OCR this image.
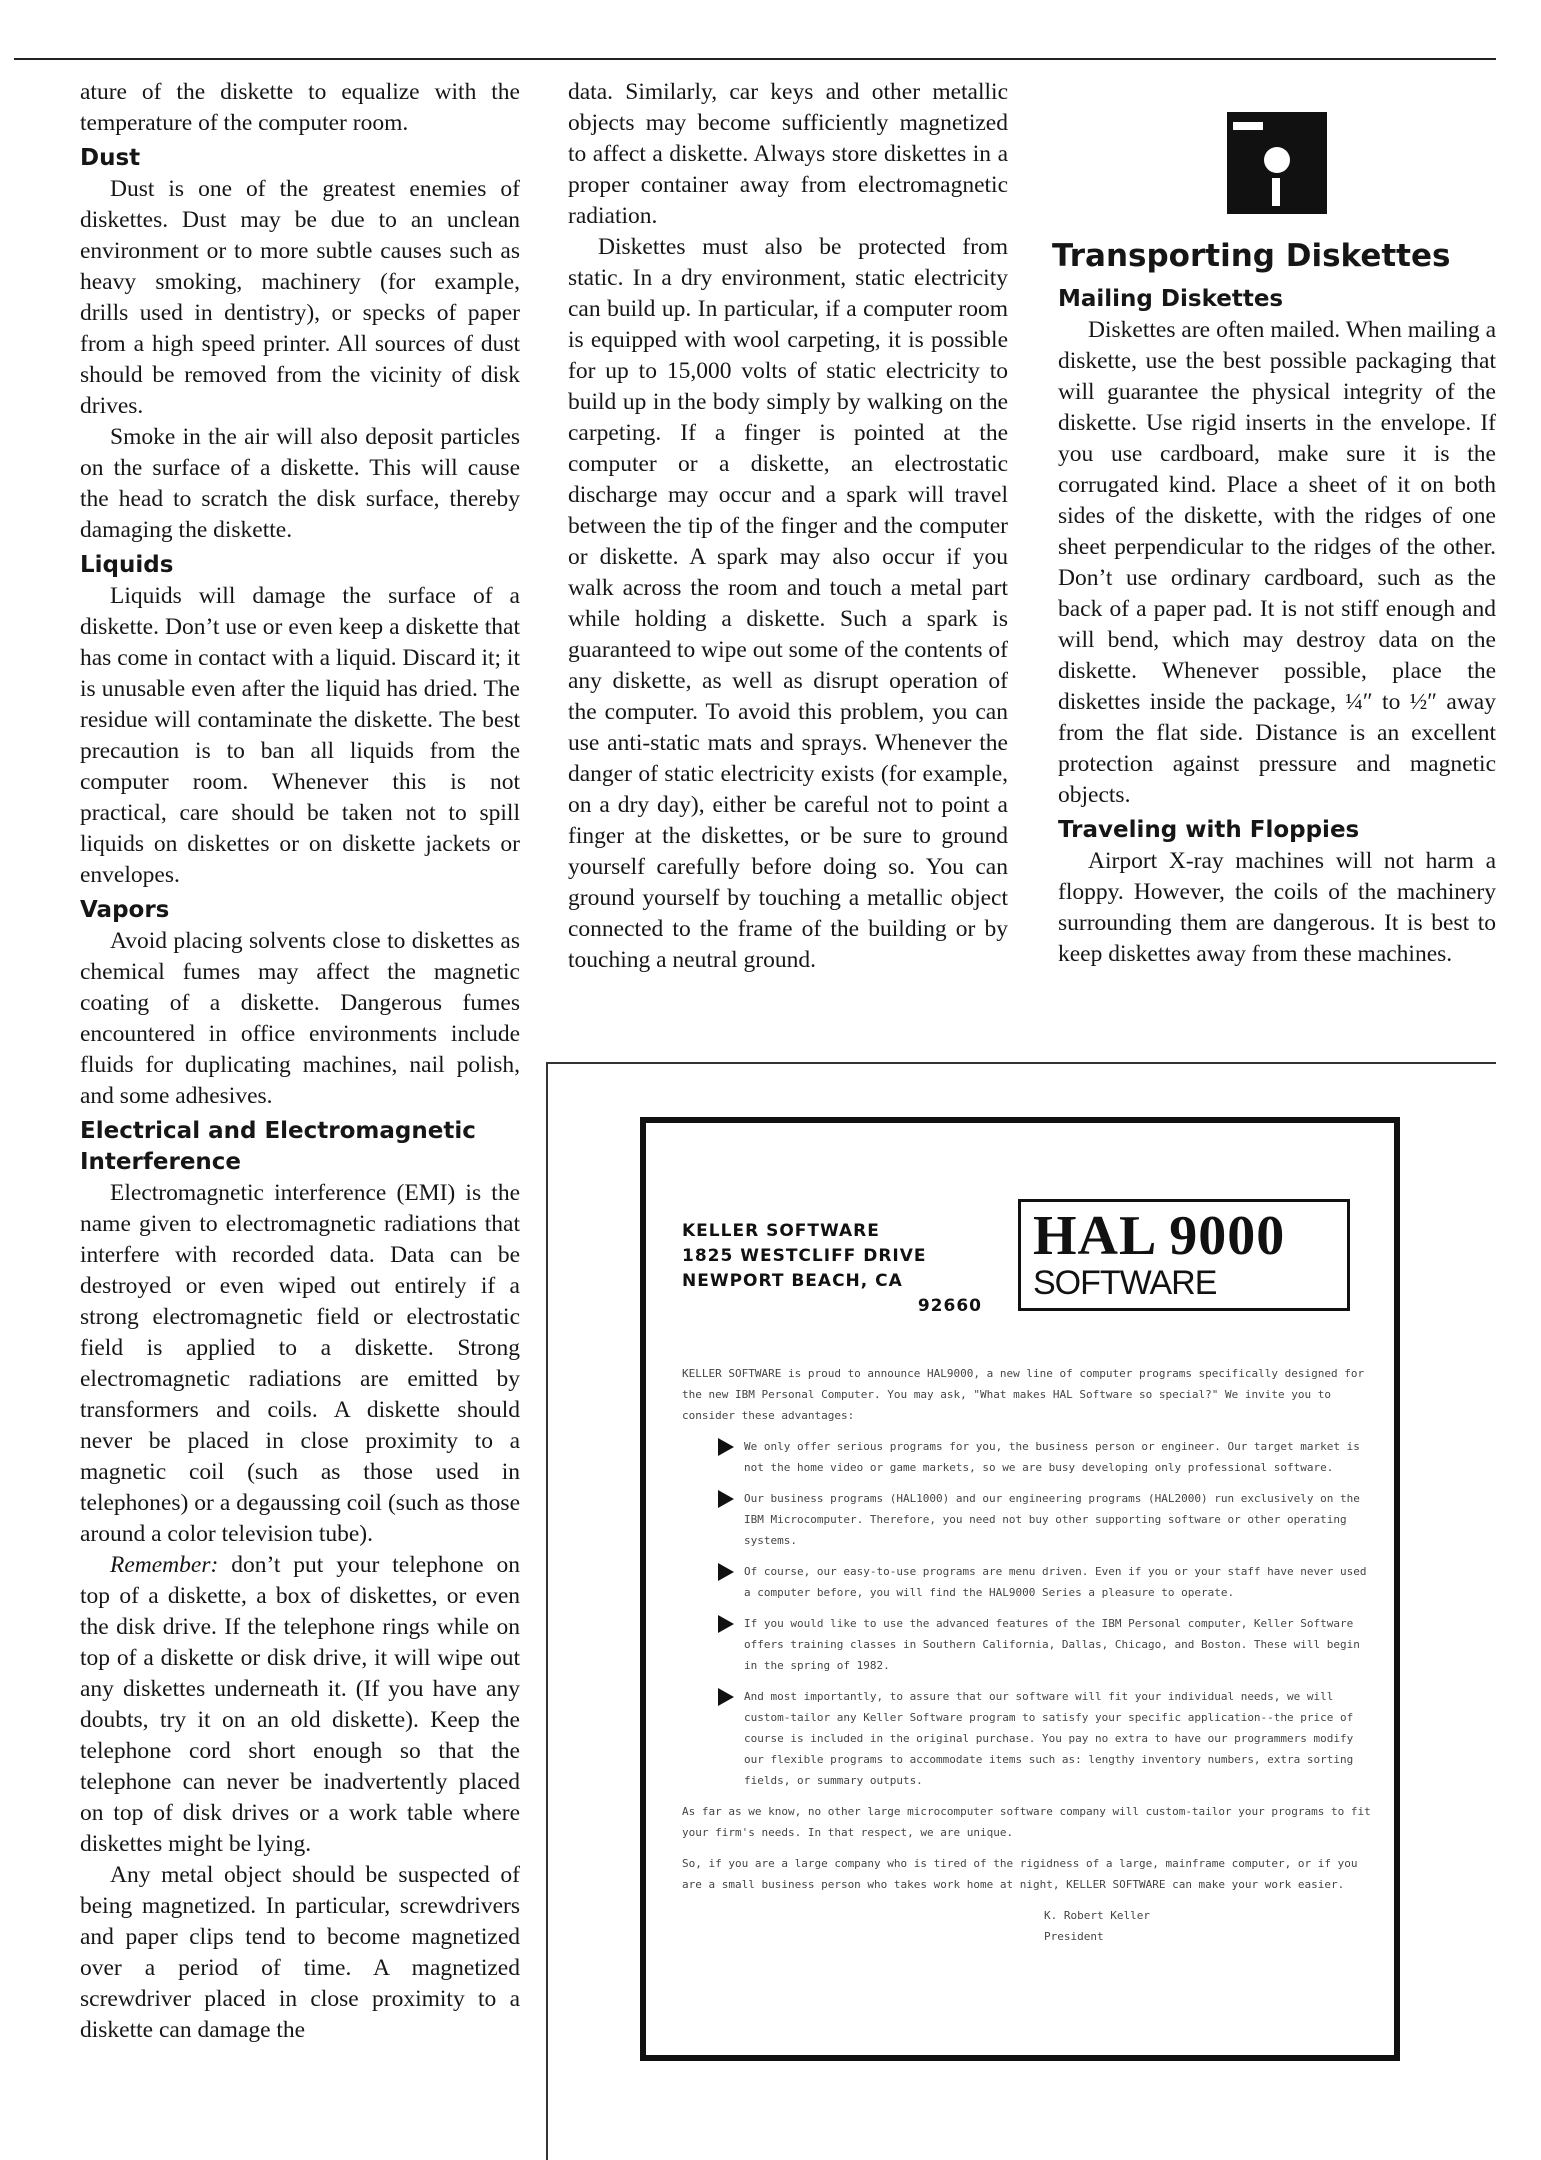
ature of the diskette to equalize with the temperature of the computer room.

Dust

Dust is one of the greatest enemies of diskettes. Dust may be due to an unclean environment or to more subtle causes such as heavy smoking, machinery (for example, drills used in dentistry), or specks of paper from a high speed printer. All sources of dust should be removed from the vicinity of disk drives.

Smoke in the air will also deposit particles on the surface of a diskette. This will cause the head to scratch the disk surface, thereby damaging the diskette.

Liquids

Liquids will damage the surface of a diskette. Don’t use or even keep a diskette that has come in contact with a liquid. Discard it; it is unusable even after the liquid has dried. The residue will contaminate the diskette. The best precaution is to ban all liquids from the computer room. Whenever this is not practical, care should be taken not to spill liquids on diskettes or on diskette jackets or envelopes.

Vapors

Avoid placing solvents close to diskettes as chemical fumes may affect the magnetic coating of a diskette. Dangerous fumes encountered in office environments include fluids for duplicating machines, nail polish, and some adhesives.

Electrical and Electromagnetic Interference

Electromagnetic interference (EMI) is the name given to electromagnetic radiations that interfere with recorded data. Data can be destroyed or even wiped out entirely if a strong electromagnetic field or electrostatic field is applied to a diskette. Strong electromagnetic radiations are emitted by transformers and coils. A diskette should never be placed in close proximity to a magnetic coil (such as those used in telephones) or a degaussing coil (such as those around a color television tube).

Remember: don’t put your telephone on top of a diskette, a box of diskettes, or even the disk drive. If the telephone rings while on top of a diskette or disk drive, it will wipe out any diskettes underneath it. (If you have any doubts, try it on an old diskette). Keep the telephone cord short enough so that the telephone can never be inadvertently placed on top of disk drives or a work table where diskettes might be lying.

Any metal object should be suspected of being magnetized. In particular, screwdrivers and paper clips tend to become magnetized over a period of time. A magnetized screwdriver placed in close proximity to a diskette can damage the

data. Similarly, car keys and other metallic objects may become sufficiently magnetized to affect a diskette. Always store diskettes in a proper container away from electromagnetic radiation.

Diskettes must also be protected from static. In a dry environment, static electricity can build up. In particular, if a computer room is equipped with wool carpeting, it is possible for up to 15,000 volts of static electricity to build up in the body simply by walking on the carpeting. If a finger is pointed at the computer or a diskette, an electrostatic discharge may occur and a spark will travel between the tip of the finger and the computer or diskette. A spark may also occur if you walk across the room and touch a metal part while holding a diskette. Such a spark is guaranteed to wipe out some of the contents of any diskette, as well as disrupt operation of the computer. To avoid this problem, you can use anti-static mats and sprays. Whenever the danger of static electricity exists (for example, on a dry day), either be careful not to point a finger at the diskettes, or be sure to ground yourself carefully before doing so. You can ground yourself by touching a metallic object connected to the frame of the building or by touching a neutral ground.

Transporting Diskettes
Mailing Diskettes

Diskettes are often mailed. When mailing a diskette, use the best possible packaging that will guarantee the physical integrity of the diskette. Use rigid inserts in the envelope. If you use cardboard, make sure it is the corrugated kind. Place a sheet of it on both sides of the diskette, with the ridges of one sheet perpendicular to the ridges of the other. Don’t use ordinary cardboard, such as the back of a paper pad. It is not stiff enough and will bend, which may destroy data on the diskette. Whenever possible, place the diskettes inside the package, ¼″ to ½″ away from the flat side. Distance is an excellent protection against pressure and magnetic objects.

Traveling with Floppies

Airport X-ray machines will not harm a floppy. However, the coils of the machinery surrounding them are dangerous. It is best to keep diskettes away from these machines.

KELLER SOFTWARE
1825 WESTCLIFF DRIVE
NEWPORT BEACH, CA
92660
HAL 9000
SOFTWARE

KELLER SOFTWARE is proud to announce HAL9000, a new line of computer programs specifically designed for the new IBM Personal Computer. You may ask, "What makes HAL Software so special?" We invite you to consider these advantages:

We only offer serious programs for you, the business person or engineer. Our target market is not the home video or game markets, so we are busy developing only professional software.
Our business programs (HAL1000) and our engineering programs (HAL2000) run exclusively on the IBM Microcomputer. Therefore, you need not buy other supporting software or other operating systems.
Of course, our easy-to-use programs are menu driven. Even if you or your staff have never used a computer before, you will find the HAL9000 Series a pleasure to operate.
If you would like to use the advanced features of the IBM Personal computer, Keller Software offers training classes in Southern California, Dallas, Chicago, and Boston. These will begin in the spring of 1982.
And most importantly, to assure that our software will fit your individual needs, we will custom-tailor any Keller Software program to satisfy your specific application--the price of course is included in the original purchase. You pay no extra to have our programmers modify our flexible programs to accommodate items such as: lengthy inventory numbers, extra sorting fields, or summary outputs.

As far as we know, no other large microcomputer software company will custom-tailor your programs to fit your firm's needs. In that respect, we are unique.

So, if you are a large company who is tired of the rigidness of a large, mainframe computer, or if you are a small business person who takes work home at night, KELLER SOFTWARE can make your work easier.

K. Robert Keller
President
